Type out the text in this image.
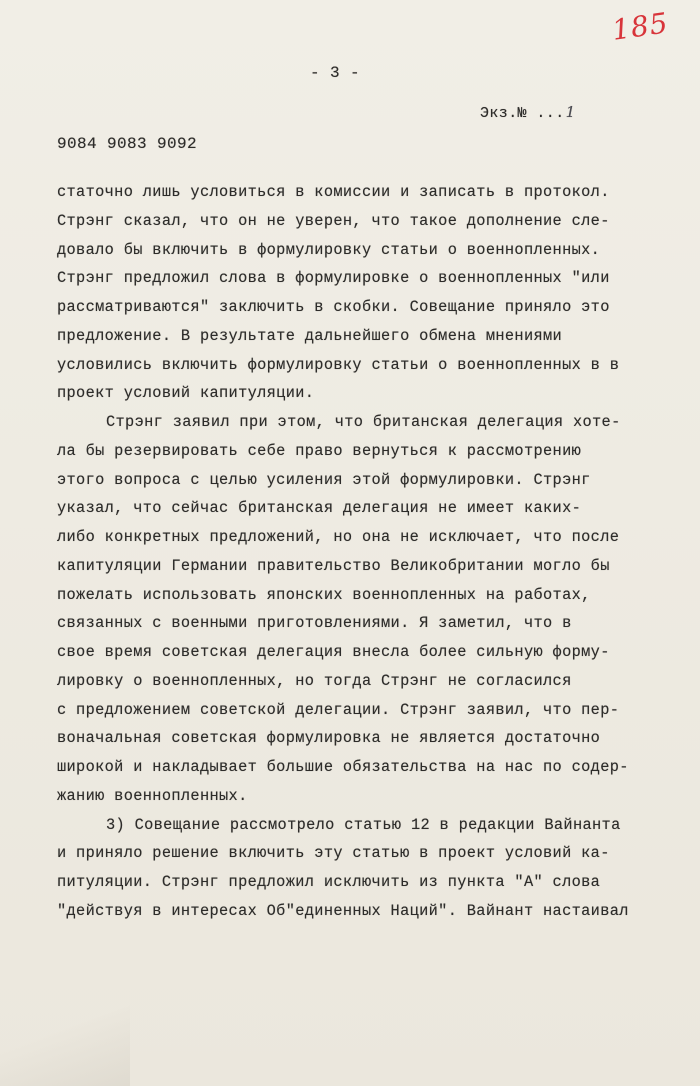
185
- 3 -
Экз.№ ...1
9084 9083 9092
статочно лишь условиться в комиссии и записать в протокол.
Стрэнг сказал, что он не уверен, что такое дополнение сле-
довало бы включить в формулировку статьи о военнопленных.
Стрэнг предложил слова в формулировке о военнопленных "или
рассматриваются" заключить в скобки. Совещание приняло это
предложение. В результате дальнейшего обмена мнениями
условились включить формулировку статьи о военнопленных в в
проект условий капитуляции.
Стрэнг заявил при этом, что британская делегация хоте-
ла бы резервировать себе право вернуться к рассмотрению
этого вопроса с целью усиления этой формулировки. Стрэнг
указал, что сейчас британская делегация не имеет каких-
либо конкретных предложений, но она не исключает, что после
капитуляции Германии правительство Великобритании могло бы
пожелать использовать японских военнопленных на работах,
связанных с военными приготовлениями. Я заметил, что в
свое время советская делегация внесла более сильную форму-
лировку о военнопленных, но тогда Стрэнг не согласился
с предложением советской делегации. Стрэнг заявил, что пер-
воначальная советская формулировка не является достаточно
широкой и накладывает большие обязательства на нас по содер-
жанию военнопленных.
3) Совещание рассмотрело статью 12 в редакции Вайнанта
и приняло решение включить эту статью в проект условий ка-
питуляции. Стрэнг предложил исключить из пункта "А" слова
"действуя в интересах Об"единенных Наций". Вайнант настаивал
